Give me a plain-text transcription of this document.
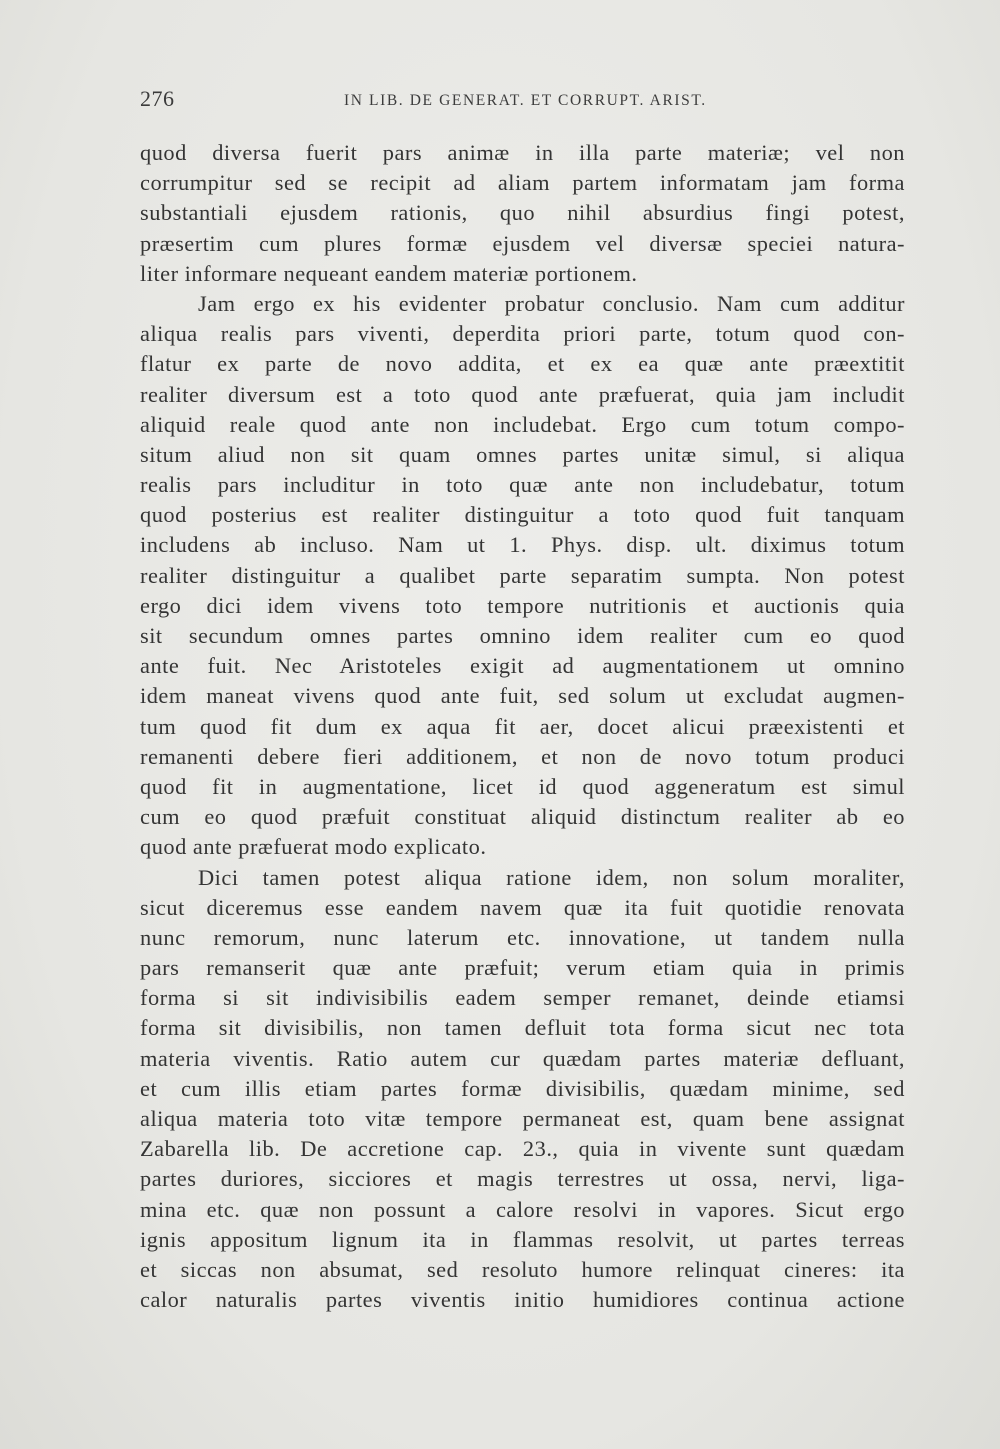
276	IN LIB. DE GENERAT. ET CORRUPT. ARIST.
quod diversa fuerit pars animæ in illa parte materiæ; vel non
corrumpitur sed se recipit ad aliam partem informatam jam forma
substantiali ejusdem rationis, quo nihil absurdius fingi potest,
præsertim cum plures formæ ejusdem vel diversæ speciei natura-
liter informare nequeant eandem materiæ portionem.
Jam ergo ex his evidenter probatur conclusio. Nam cum additur
aliqua realis pars viventi, deperdita priori parte, totum quod con-
flatur ex parte de novo addita, et ex ea quæ ante præextitit
realiter diversum est a toto quod ante præfuerat, quia jam includit
aliquid reale quod ante non includebat. Ergo cum totum compo-
situm aliud non sit quam omnes partes unitæ simul, si aliqua
realis pars includitur in toto quæ ante non includebatur, totum
quod posterius est realiter distinguitur a toto quod fuit tanquam
includens ab incluso. Nam ut 1. Phys. disp. ult. diximus totum
realiter distinguitur a qualibet parte separatim sumpta. Non potest
ergo dici idem vivens toto tempore nutritionis et auctionis quia
sit secundum omnes partes omnino idem realiter cum eo quod
ante fuit. Nec Aristoteles exigit ad augmentationem ut omnino
idem maneat vivens quod ante fuit, sed solum ut excludat augmen-
tum quod fit dum ex aqua fit aer, docet alicui præexistenti et
remanenti debere fieri additionem, et non de novo totum produci
quod fit in augmentatione, licet id quod aggeneratum est simul
cum eo quod præfuit constituat aliquid distinctum realiter ab eo
quod ante præfuerat modo explicato.
Dici tamen potest aliqua ratione idem, non solum moraliter,
sicut diceremus esse eandem navem quæ ita fuit quotidie renovata
nunc remorum, nunc laterum etc. innovatione, ut tandem nulla
pars remanserit quæ ante præfuit; verum etiam quia in primis
forma si sit indivisibilis eadem semper remanet, deinde etiamsi
forma sit divisibilis, non tamen defluit tota forma sicut nec tota
materia viventis. Ratio autem cur quædam partes materiæ defluant,
et cum illis etiam partes formæ divisibilis, quædam minime, sed
aliqua materia toto vitæ tempore permaneat est, quam bene assignat
Zabarella lib. De accretione cap. 23., quia in vivente sunt quædam
partes duriores, sicciores et magis terrestres ut ossa, nervi, liga-
mina etc. quæ non possunt a calore resolvi in vapores. Sicut ergo
ignis appositum lignum ita in flammas resolvit, ut partes terreas
et siccas non absumat, sed resoluto humore relinquat cineres: ita
calor naturalis partes viventis initio humidiores continua actione
